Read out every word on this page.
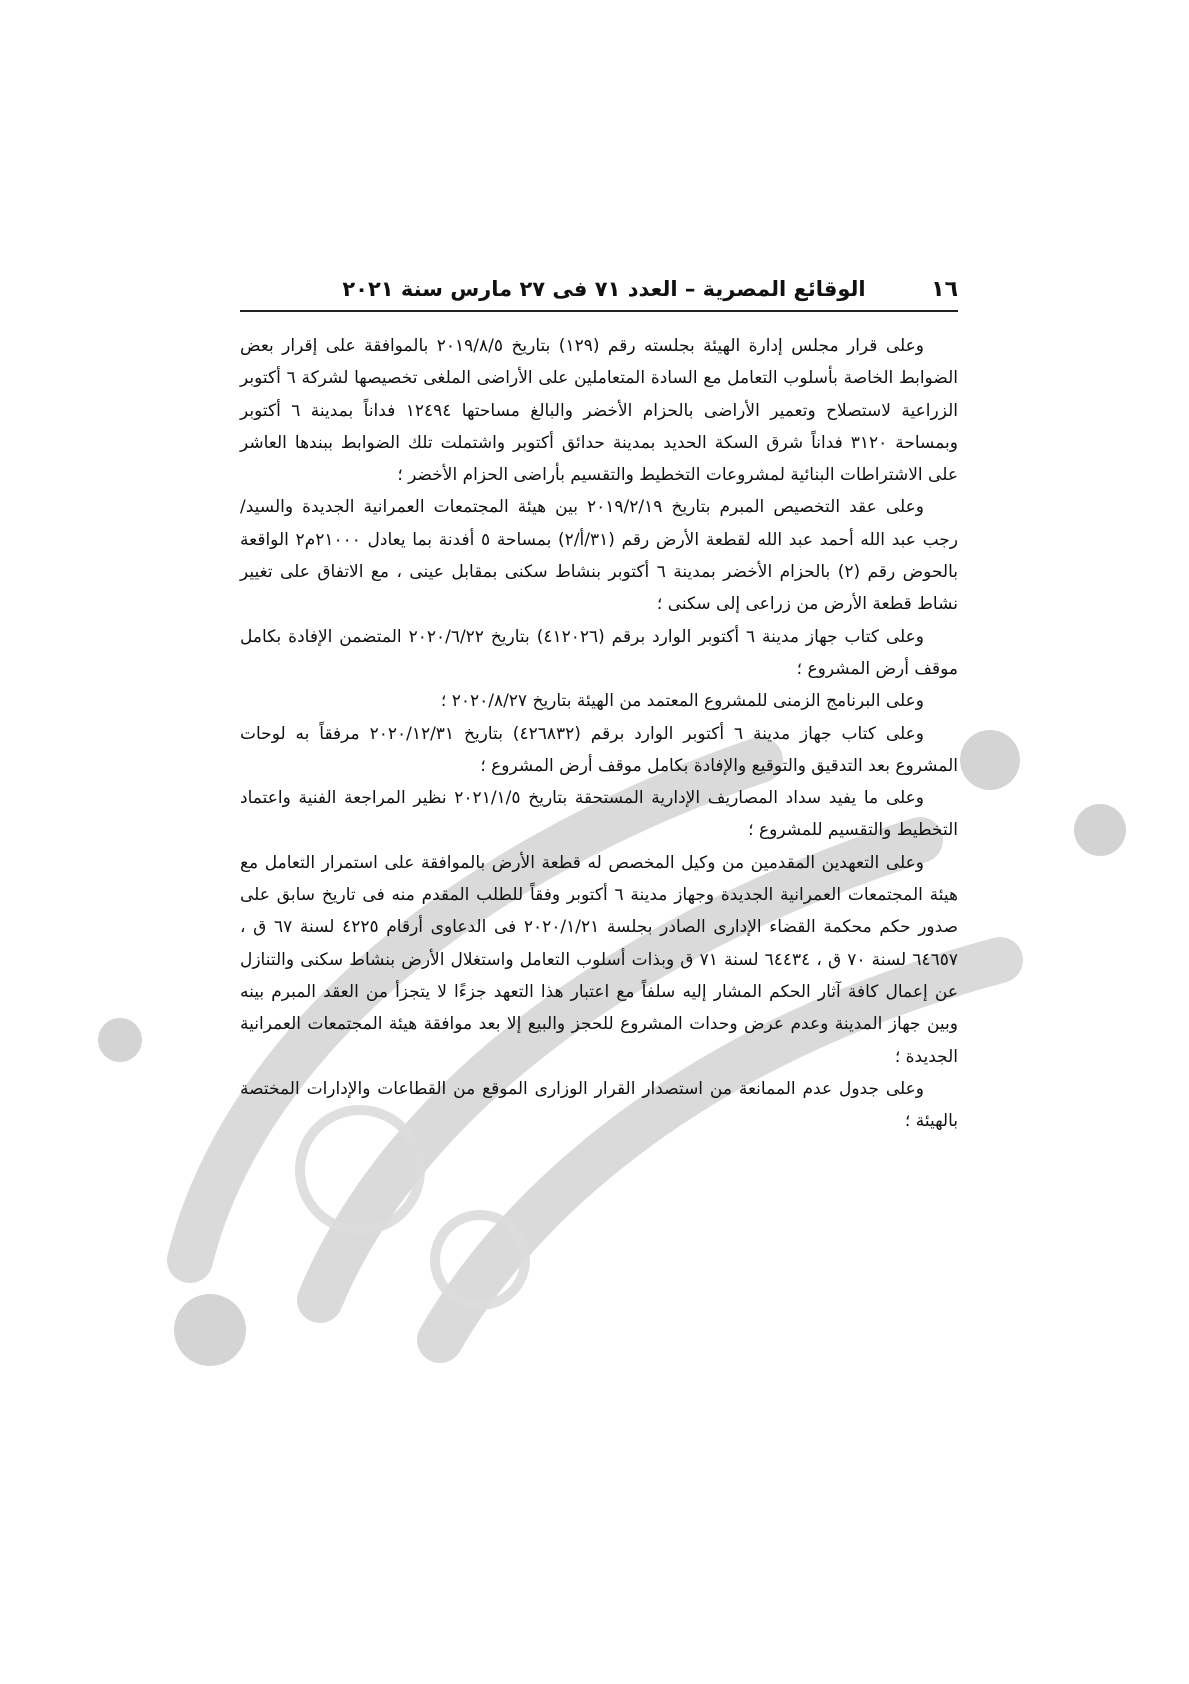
١٦
الوقائع المصرية – العدد ٧١ فى ٢٧ مارس سنة ٢٠٢١

وعلى قرار مجلس إدارة الهيئة بجلسته رقم (١٢٩) بتاريخ ٢٠١٩/٨/٥ بالموافقة على إقرار بعض الضوابط الخاصة بأسلوب التعامل مع السادة المتعاملين على الأراضى الملغى تخصيصها لشركة ٦ أكتوبر الزراعية لاستصلاح وتعمير الأراضى بالحزام الأخضر والبالغ مساحتها ١٢٤٩٤ فداناً بمدينة ٦ أكتوبر وبمساحة ٣١٢٠ فداناً شرق السكة الحديد بمدينة حدائق أكتوبر واشتملت تلك الضوابط ببندها العاشر على الاشتراطات البنائية لمشروعات التخطيط والتقسيم بأراضى الحزام الأخضر ؛

وعلى عقد التخصيص المبرم بتاريخ ٢٠١٩/٢/١٩ بين هيئة المجتمعات العمرانية الجديدة والسيد/ رجب عبد الله أحمد عبد الله لقطعة الأرض رقم (٣١/أ/٢) بمساحة ٥ أفدنة بما يعادل ٢١٠٠٠م٢ الواقعة بالحوض رقم (٢) بالحزام الأخضر بمدينة ٦ أكتوبر بنشاط سكنى بمقابل عينى ، مع الاتفاق على تغيير نشاط قطعة الأرض من زراعى إلى سكنى ؛

وعلى كتاب جهاز مدينة ٦ أكتوبر الوارد برقم (٤١٢٠٢٦) بتاريخ ٢٠٢٠/٦/٢٢ المتضمن الإفادة بكامل موقف أرض المشروع ؛

وعلى البرنامج الزمنى للمشروع المعتمد من الهيئة بتاريخ ٢٠٢٠/٨/٢٧ ؛

وعلى كتاب جهاز مدينة ٦ أكتوبر الوارد برقم (٤٢٦٨٣٢) بتاريخ ٢٠٢٠/١٢/٣١ مرفقاً به لوحات المشروع بعد التدقيق والتوقيع والإفادة بكامل موقف أرض المشروع ؛

وعلى ما يفيد سداد المصاريف الإدارية المستحقة بتاريخ ٢٠٢١/١/٥ نظير المراجعة الفنية واعتماد التخطيط والتقسيم للمشروع ؛

وعلى التعهدين المقدمين من وكيل المخصص له قطعة الأرض بالموافقة على استمرار التعامل مع هيئة المجتمعات العمرانية الجديدة وجهاز مدينة ٦ أكتوبر وفقاً للطلب المقدم منه فى تاريخ سابق على صدور حكم محكمة القضاء الإدارى الصادر بجلسة ٢٠٢٠/١/٢١ فى الدعاوى أرقام ٤٢٢٥ لسنة ٦٧ ق ، ٦٤٦٥٧ لسنة ٧٠ ق ، ٦٤٤٣٤ لسنة ٧١ ق وبذات أسلوب التعامل واستغلال الأرض بنشاط سكنى والتنازل عن إعمال كافة آثار الحكم المشار إليه سلفاً مع اعتبار هذا التعهد جزءًا لا يتجزأ من العقد المبرم بينه وبين جهاز المدينة وعدم عرض وحدات المشروع للحجز والبيع إلا بعد موافقة هيئة المجتمعات العمرانية الجديدة ؛

وعلى جدول عدم الممانعة من استصدار القرار الوزارى الموقع من القطاعات والإدارات المختصة بالهيئة ؛
